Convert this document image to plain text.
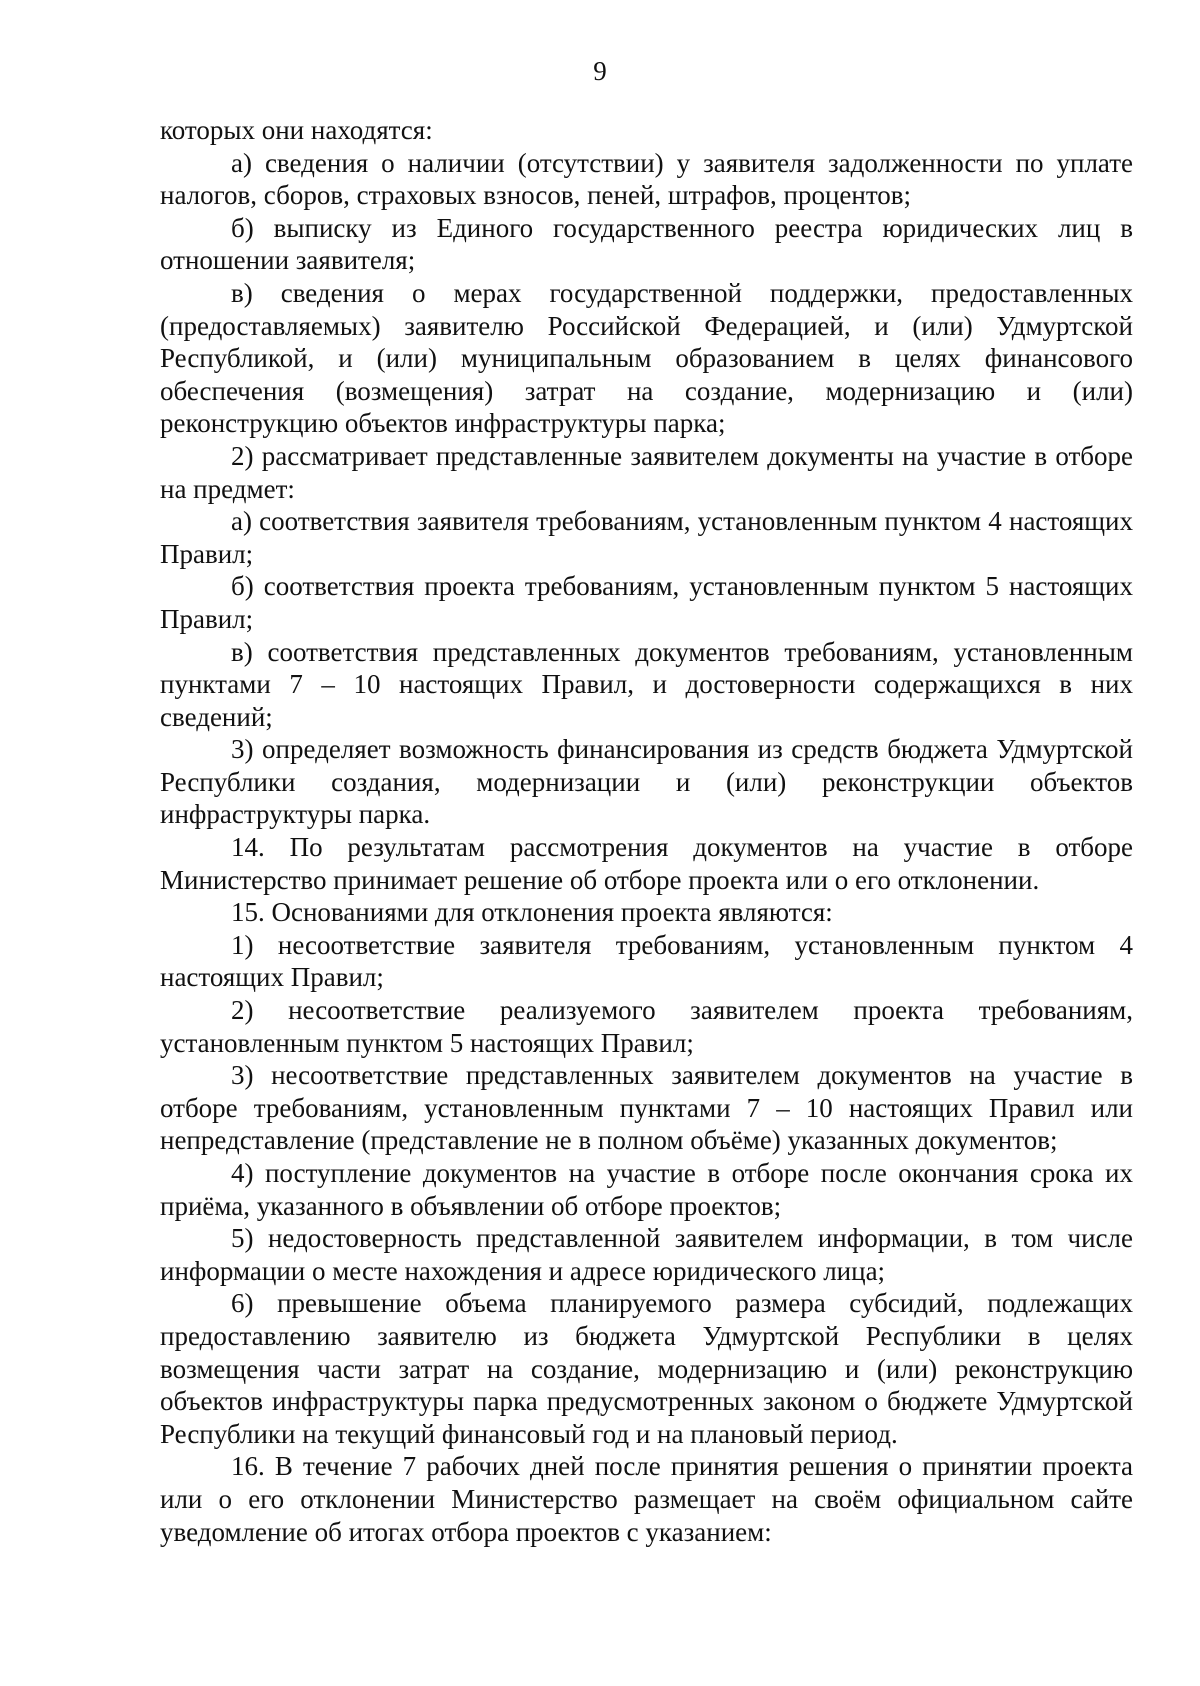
9

которых они находятся:

а) сведения о наличии (отсутствии) у заявителя задолженности по уплате налогов, сборов, страховых взносов, пеней, штрафов, процентов;

б) выписку из Единого государственного реестра юридических лиц в отношении заявителя;

в) сведения о мерах государственной поддержки, предоставленных (предоставляемых) заявителю Российской Федерацией, и (или) Удмуртской Республикой, и (или) муниципальным образованием в целях финансового обеспечения (возмещения) затрат на создание, модернизацию и (или) реконструкцию объектов инфраструктуры парка;

2) рассматривает представленные заявителем документы на участие в отборе на предмет:

а) соответствия заявителя требованиям, установленным пунктом 4 настоящих Правил;

б) соответствия проекта требованиям, установленным пунктом 5 настоящих Правил;

в) соответствия представленных документов требованиям, установленным пунктами 7 – 10 настоящих Правил, и достоверности содержащихся в них сведений;

3) определяет возможность финансирования из средств бюджета Удмуртской Республики создания, модернизации и (или) реконструкции объектов инфраструктуры парка.

14. По результатам рассмотрения документов на участие в отборе Министерство принимает решение об отборе проекта или о его отклонении.

15. Основаниями для отклонения проекта являются:

1) несоответствие заявителя требованиям, установленным пунктом 4 настоящих Правил;

2) несоответствие реализуемого заявителем проекта требованиям, установленным пунктом 5 настоящих Правил;

3) несоответствие представленных заявителем документов на участие в отборе требованиям, установленным пунктами 7 – 10 настоящих Правил или непредставление (представление не в полном объёме) указанных документов;

4) поступление документов на участие в отборе после окончания срока их приёма, указанного в объявлении об отборе проектов;

5) недостоверность представленной заявителем информации, в том числе информации о месте нахождения и адресе юридического лица;

6) превышение объема планируемого размера субсидий, подлежащих предоставлению заявителю из бюджета Удмуртской Республики в целях возмещения части затрат на создание, модернизацию и (или) реконструкцию объектов инфраструктуры парка предусмотренных законом о бюджете Удмуртской Республики на текущий финансовый год и на плановый период.

16. В течение 7 рабочих дней после принятия решения о принятии проекта или о его отклонении Министерство размещает на своём официальном сайте уведомление об итогах отбора проектов с указанием:
